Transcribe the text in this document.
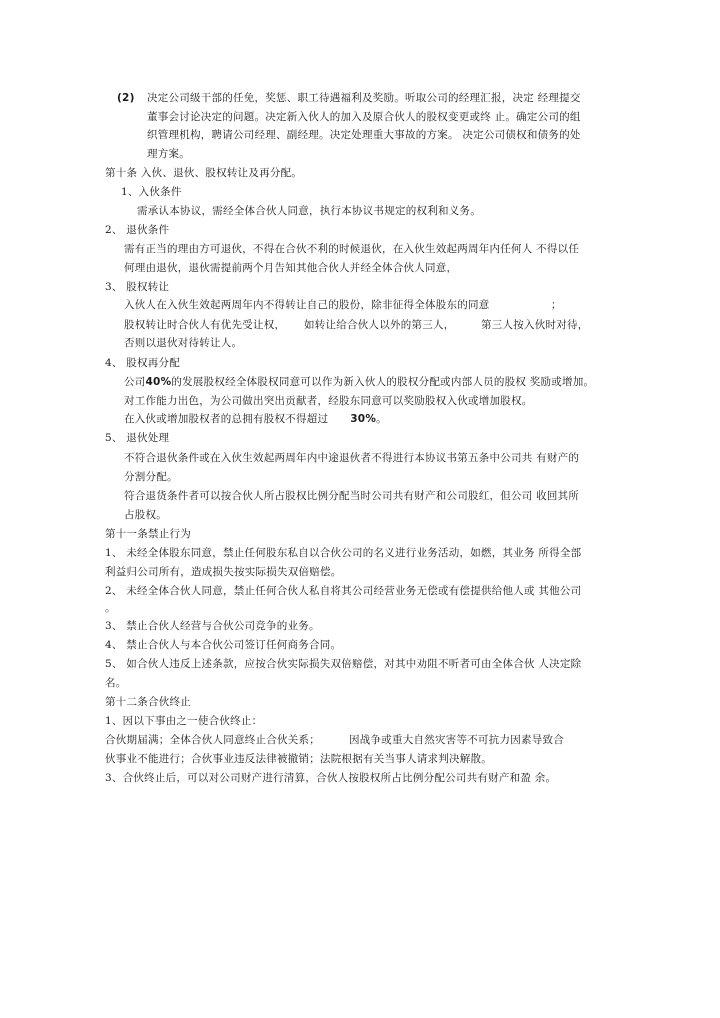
(2) 决定公司级干部的任免，奖惩、职工待遇福利及奖励。听取公司的经理汇报，决定 经理提交
董事会讨论决定的问题。决定新入伙人的加入及原合伙人的股权变更或终 止。确定公司的组
织管理机构，聘请公司经理、副经理。决定处理重大事故的方案。 决定公司债权和债务的处
理方案。
第十条 入伙、退伙、股权转让及再分配。
1、入伙条件
需承认本协议，需经全体合伙人同意，执行本协议书规定的权利和义务。
2、 退伙条件
需有正当的理由方可退伙，不得在合伙不利的时候退伙，在入伙生效起两周年内任何人 不得以任
何理由退伙，退伙需提前两个月告知其他合伙人并经全体合伙人同意，
3、 股权转让
入伙人在入伙生效起两周年内不得转让自己的股份，除非征得全体股东的同意	；
股权转让时合伙人有优先受让权， 如转让给合伙人以外的第三人，	第三人按入伙时对待，
否则以退伙对待转让人。
4、 股权再分配
公司40%的发展股权经全体股权同意可以作为新入伙人的股权分配或内部人员的股权 奖励或增加。
对工作能力出色，为公司做出突出贡献者，经股东同意可以奖励股权入伙或增加股权。
在入伙或增加股权者的总拥有股权不得超过 30%。
5、 退伙处理
不符合退伙条件或在入伙生效起两周年内中途退伙者不得进行本协议书第五条中公司共 有财产的
分割分配。
符合退货条件者可以按合伙人所占股权比例分配当时公司共有财产和公司股红，但公司 收回其所
占股权。
第十一条禁止行为
1、 未经全体股东同意，禁止任何股东私自以合伙公司的名义进行业务活动，如燃，其业务 所得全部
利益归公司所有，造成损失按实际损失双倍赔偿。
2、 未经全体合伙人同意，禁止任何合伙人私自将其公司经营业务无偿或有偿提供给他人或 其他公司
。
3、 禁止合伙人经营与合伙公司竞争的业务。
4、 禁止合伙人与本合伙公司签订任何商务合同。
5、 如合伙人违反上述条款，应按合伙实际损失双倍赔偿，对其中劝阻不听者可由全体合伙 人决定除
名。
第十二条合伙终止
1、因以下事由之一使合伙终止：
合伙期届满；全体合伙人同意终止合伙关系；	因战争或重大自然灾害等不可抗力因素导致合
伙事业不能进行；合伙事业违反法律被撤销；法院根据有关当事人请求判决解散。
3、合伙终止后，可以对公司财产进行清算，合伙人按股权所占比例分配公司共有财产和盈 余。
